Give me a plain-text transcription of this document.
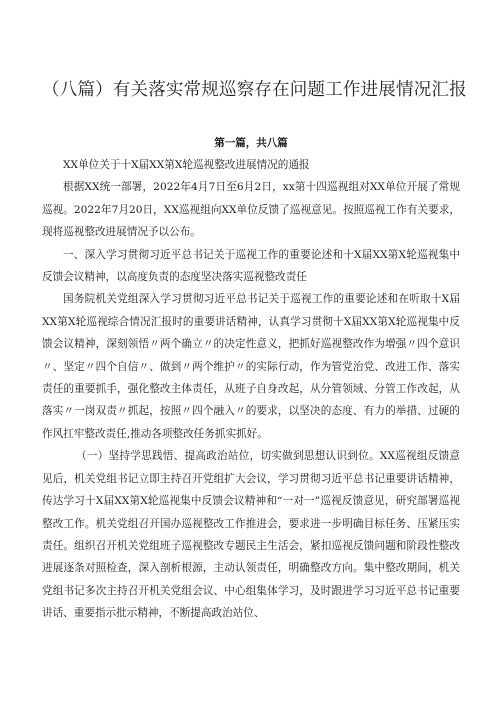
（八篇）有关落实常规巡察存在问题工作进展情况汇报
第一篇，共八篇

XX单位关于十X届XX第X轮巡视整改进展情况的通报

根据XX统一部署，2022年4月7日至6月2日，xx第十四巡视组对XX单位开展了常规巡视。2022年7月20日，XX巡视组向XX单位反馈了巡视意见。按照巡视工作有关要求，现将巡视整改进展情况予以公布。

一、深入学习贯彻习近平总书记关于巡视工作的重要论述和十X届XX第X轮巡视集中反馈会议精神，以高度负责的态度坚决落实巡视整改责任

国务院机关党组深入学习贯彻习近平总书记关于巡视工作的重要论述和在听取十X届XX第X轮巡视综合情况汇报时的重要讲话精神，认真学习贯彻十X届XX第X轮巡视集中反馈会议精神，深刻领悟〃两个确立〃的决定性意义，把抓好巡视整改作为增强〃四个意识〃、坚定〃四个自信〃、做到〃两个维护〃的实际行动，作为管党治党、改进工作、落实责任的重要抓手，强化整改主体责任，从班子自身改起，从分管领域、分管工作改起，从落实〃一岗双责〃抓起，按照〃四个融入〃的要求，以坚决的态度、有力的举措、过硬的作风扛牢整改责任,推动各项整改任务抓实抓好。

（一）坚持学思践悟、提高政治站位，切实做到思想认识到位。XX巡视组反馈意见后，机关党组书记立即主持召开党组扩大会议，学习贯彻习近平总书记重要讲话精神，传达学习十X届XX第X轮巡视集中反馈会议精神和“一对一”巡视反馈意见，研究部署巡视整改工作。机关党组召开国办巡视整改工作推进会，要求进一步明确目标任务、压紧压实责任。组织召开机关党组班子巡视整改专题民主生活会，紧扣巡视反馈问题和阶段性整改进展逐条对照检查，深入剖析根源，主动认领责任，明确整改方向。集中整改期间，机关党组书记多次主持召开机关党组会议、中心组集体学习，及时跟进学习习近平总书记重要讲话、重要指示批示精神，不断提高政治站位、
